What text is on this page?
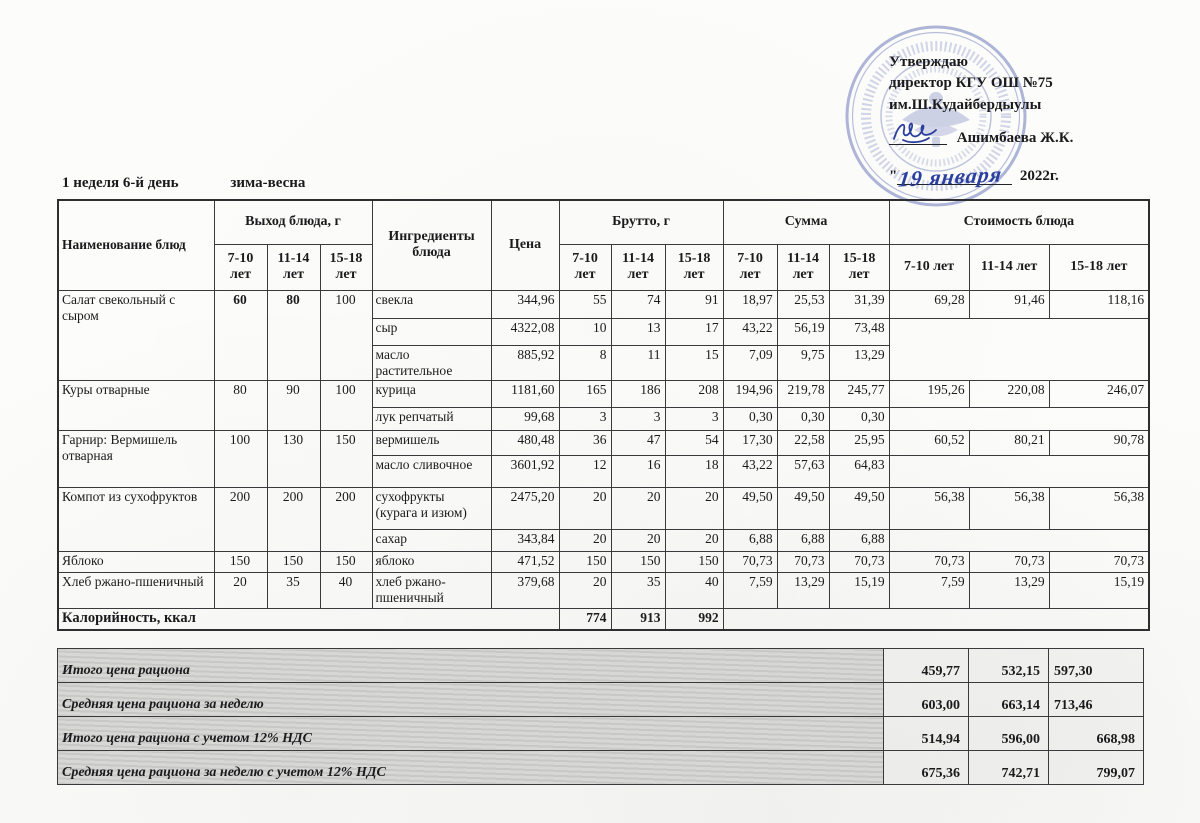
Утверждаю
директор КГУ ОШ №75
им.Ш.Кудайбердыулы
Ашимбаева Ж.К.
"19 января 2022г.
1 неделя 6-й день	зима-весна
Наименование блюд	Выход блюда, г			Ингредиенты блюда	Цена	Брутто, г			Сумма			Стоимость блюда		
	7-10 лет	11-14 лет	15-18 лет			7-10 лет	11-14 лет	15-18 лет	7-10 лет	11-14 лет	15-18 лет	7-10 лет	11-14 лет	15-18 лет
Салат свекольный с сыром	60	80	100	свекла	344,96	55	74	91	18,97	25,53	31,39	69,28	91,46	118,16
				сыр	4322,08	10	13	17	43,22	56,19	73,48			
				масло растительное	885,92	8	11	15	7,09	9,75	13,29			
Куры отварные	80	90	100	курица	1181,60	165	186	208	194,96	219,78	245,77	195,26	220,08	246,07
				лук репчатый	99,68	3	3	3	0,30	0,30	0,30			
Гарнир: Вермишель отварная	100	130	150	вермишель	480,48	36	47	54	17,30	22,58	25,95	60,52	80,21	90,78
				масло сливочное	3601,92	12	16	18	43,22	57,63	64,83			
Компот из сухофруктов	200	200	200	сухофрукты (курага и изюм)	2475,20	20	20	20	49,50	49,50	49,50	56,38	56,38	56,38
				сахар	343,84	20	20	20	6,88	6,88	6,88			
Яблоко	150	150	150	яблоко	471,52	150	150	150	70,73	70,73	70,73	70,73	70,73	70,73
Хлеб ржано-пшеничный	20	35	40	хлеб ржано-пшеничный	379,68	20	35	40	7,59	13,29	15,19	7,59	13,29	15,19
Калорийность, ккал						774	913	992						
Итого цена рациона	459,77	532,15	597,30
Средняя цена рациона за неделю	603,00	663,14	713,46
Итого цена рациона с учетом 12% НДС	514,94	596,00	668,98
Средняя цена рациона за неделю с учетом 12% НДС	675,36	742,71	799,07
